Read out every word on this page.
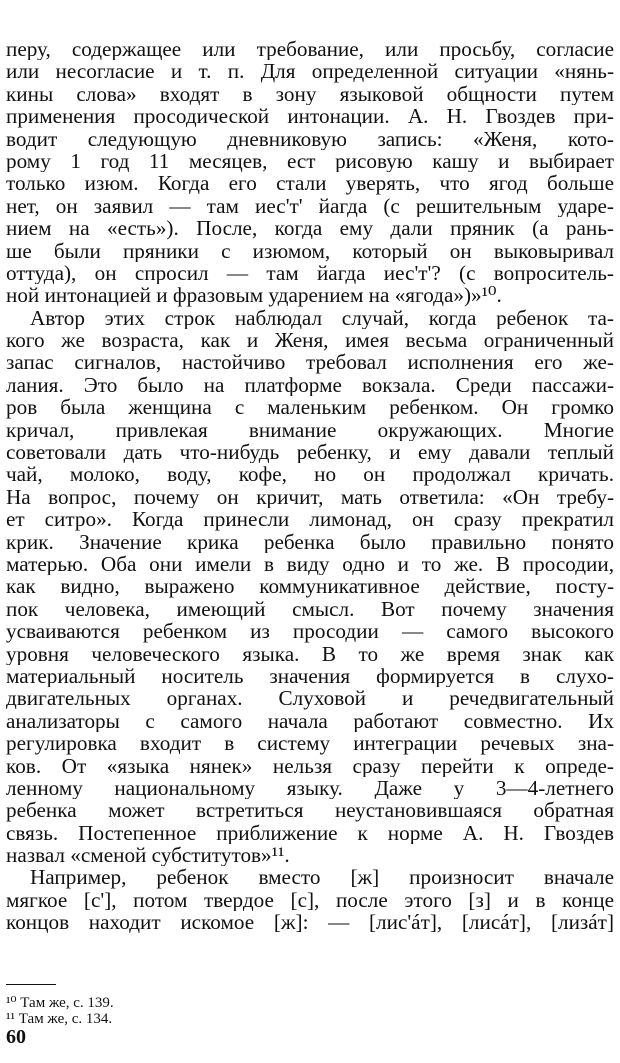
перу, содержащее или требование, или просьбу, согласие
или несогласие и т. п. Для определенной ситуации «нянь-
кины слова» входят в зону языковой общности путем
применения просодической интонации. А. Н. Гвоздев при-
водит следующую дневниковую запись: «Женя, кото-
рому 1 год 11 месяцев, ест рисовую кашу и выбирает
только изюм. Когда его стали уверять, что ягод больше
нет, он заявил — там иес'т' йагда (с решительным ударе-
нием на «есть»). После, когда ему дали пряник (а рань-
ше были пряники с изюмом, который он выковыривал
оттуда), он спросил — там йагда иес'т'? (с вопроситель-
ной интонацией и фразовым ударением на «ягода»)»¹⁰.
Автор этих строк наблюдал случай, когда ребенок та-
кого же возраста, как и Женя, имея весьма ограниченный
запас сигналов, настойчиво требовал исполнения его же-
лания. Это было на платформе вокзала. Среди пассажи-
ров была женщина с маленьким ребенком. Он громко
кричал, привлекая внимание окружающих. Многие
советовали дать что-нибудь ребенку, и ему давали теплый
чай, молоко, воду, кофе, но он продолжал кричать.
На вопрос, почему он кричит, мать ответила: «Он требу-
ет ситро». Когда принесли лимонад, он сразу прекратил
крик. Значение крика ребенка было правильно понято
матерью. Оба они имели в виду одно и то же. В просодии,
как видно, выражено коммуникативное действие, посту-
пок человека, имеющий смысл. Вот почему значения
усваиваются ребенком из просодии — самого высокого
уровня человеческого языка. В то же время знак как
материальный носитель значения формируется в слухо-
двигательных органах. Слуховой и речедвигательный
анализаторы с самого начала работают совместно. Их
регулировка входит в систему интеграции речевых зна-
ков. От «языка нянек» нельзя сразу перейти к опреде-
ленному национальному языку. Даже у 3—4-летнего
ребенка может встретиться неустановившаяся обратная
связь. Постепенное приближение к норме А. Н. Гвоздев
назвал «сменой субститутов»¹¹.
Например, ребенок вместо [ж] произносит вначале
мягкое [с'], потом твердое [с], после этого [з] и в конце
концов находит искомое [ж]: — [лис'áт], [лисáт], [лизáт]
¹⁰ Там же, с. 139.
¹¹ Там же, с. 134.
60
